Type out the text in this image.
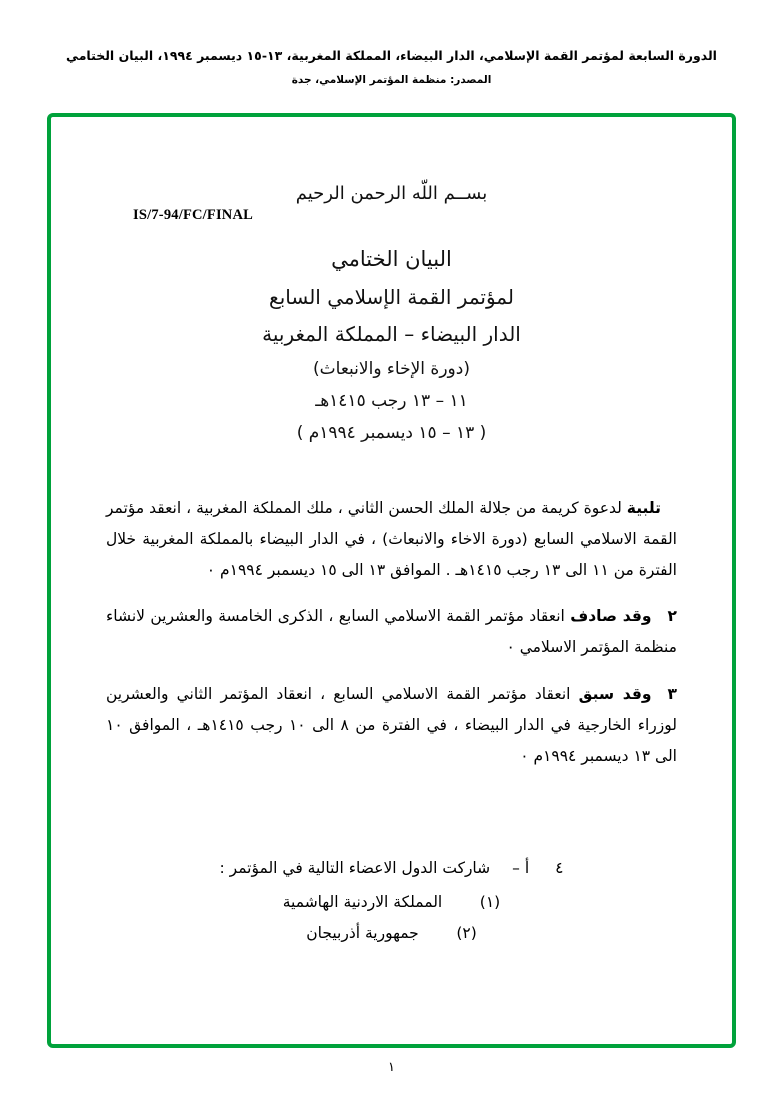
الدورة السابعة لمؤتمر القمة الإسلامي، الدار البيضاء، المملكة المغربية، ١٣-١٥ ديسمبر ١٩٩٤، البيان الختامي
المصدر: منظمة المؤتمر الإسلامي، جدة
IS/7-94/FC/FINAL
بســم اللّه الرحمن الرحيم
البيان الختامي
لمؤتمر القمة الإسلامي السابع
الدار البيضاء – المملكة المغربية
(دورة الإخاء والانبعاث)
١١ – ١٣ رجب ١٤١٥هـ
( ١٣ – ١٥ ديسمبر ١٩٩٤م )

تلبية لدعوة كريمة من جلالة الملك الحسن الثاني ، ملك المملكة المغربية ، انعقد مؤتمر القمة الاسلامي السابع (دورة الاخاء والانبعاث) ، في الدار البيضاء بالمملكة المغربية خلال الفترة من ١١ الى ١٣ رجب ١٤١٥هـ . الموافق ١٣ الى ١٥ ديسمبر ١٩٩٤م ٠

٢وقد صادف انعقاد مؤتمر القمة الاسلامي السابع ، الذكرى الخامسة والعشرين لانشاء منظمة المؤتمر الاسلامي ٠

٣وقد سبق انعقاد مؤتمر القمة الاسلامي السابع ، انعقاد المؤتمر الثاني والعشرين لوزراء الخارجية في الدار البيضاء ، في الفترة من ٨ الى ١٠ رجب ١٤١٥هـ ، الموافق ١٠ الى ١٣ ديسمبر ١٩٩٤م ٠

٤أ –شاركت الدول الاعضاء التالية في المؤتمر :
(١)المملكة الاردنية الهاشمية
(٢)جمهورية أذربيجان
١
